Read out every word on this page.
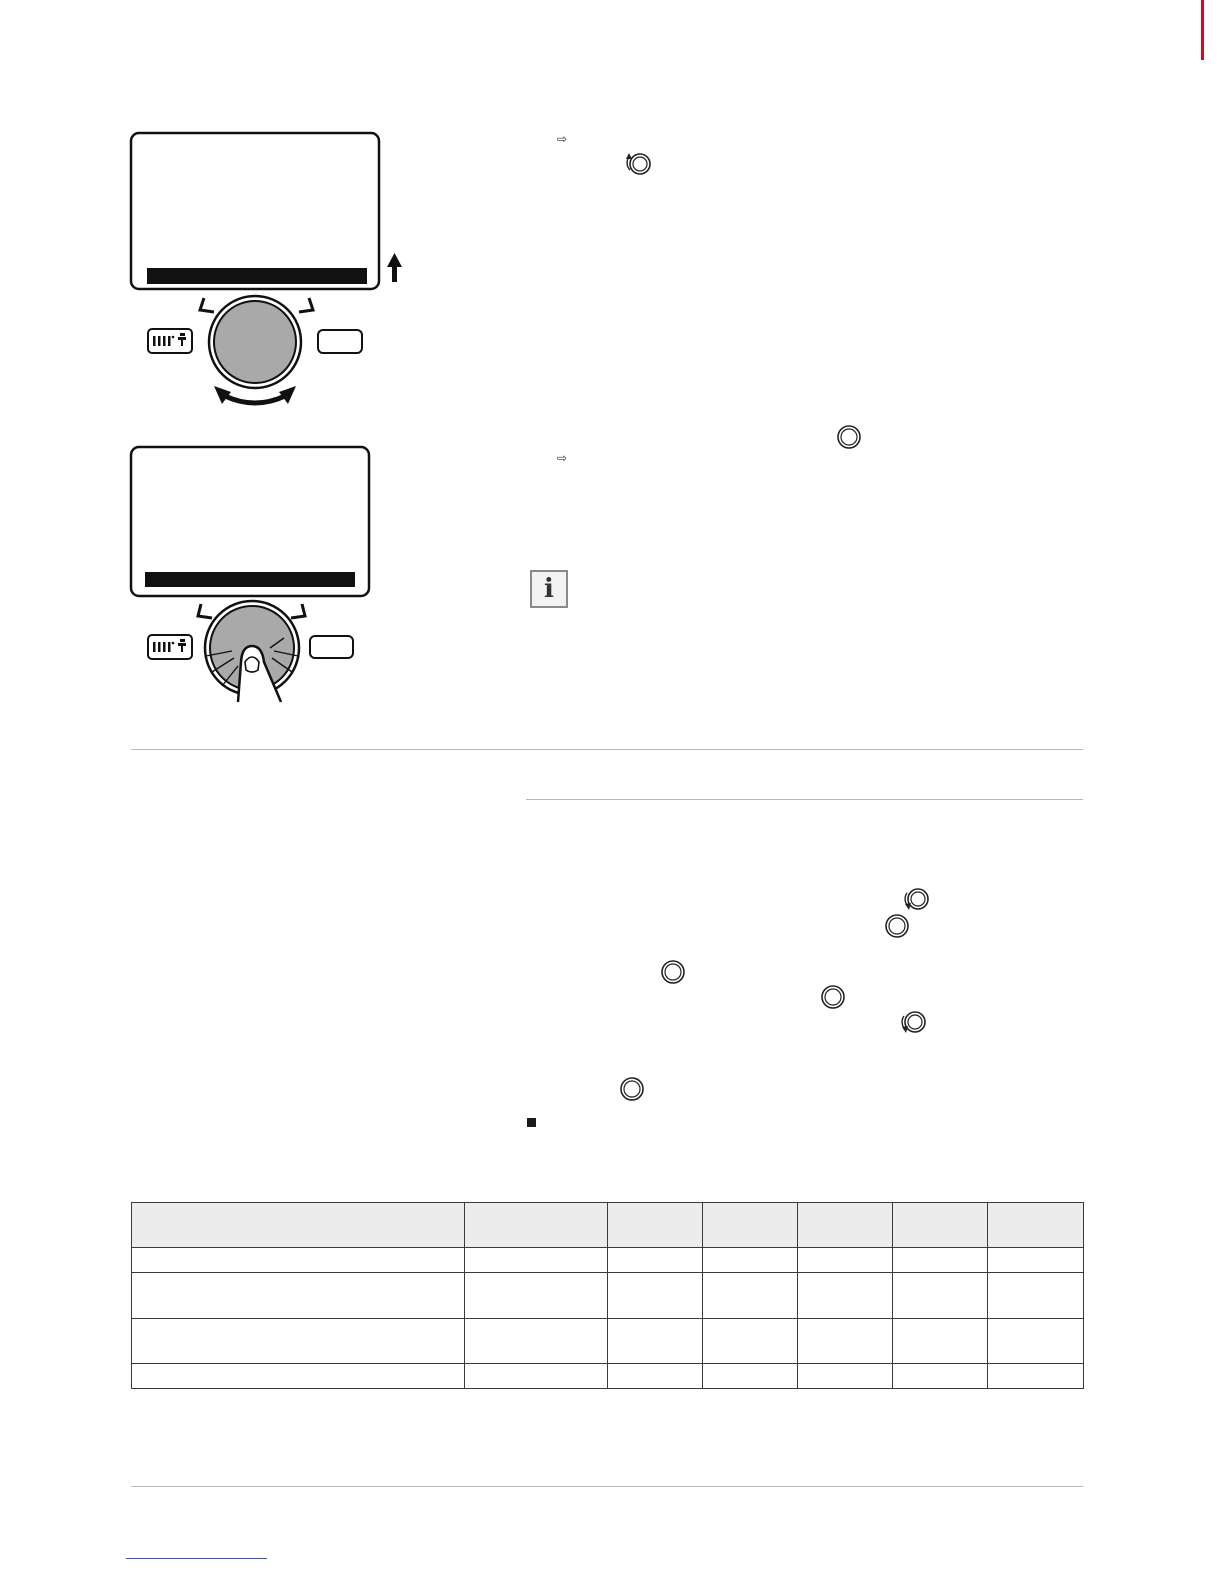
⇨
⇨
i
